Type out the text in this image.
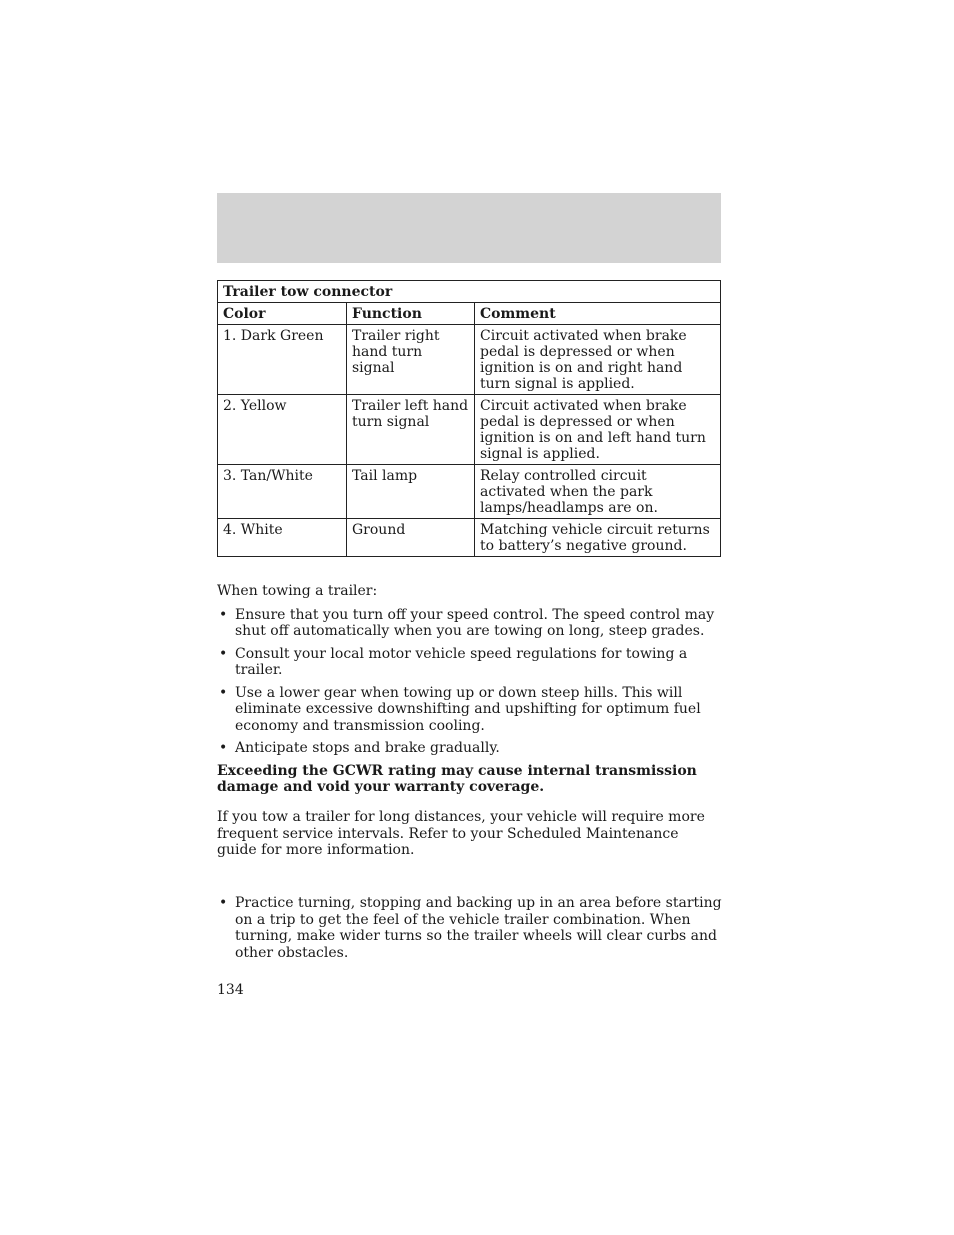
Trailer tow connector		
Color	Function	Comment
1. Dark Green	Trailer right hand turn signal	Circuit activated when brake pedal is depressed or when ignition is on and right hand turn signal is applied.
2. Yellow	Trailer left hand turn signal	Circuit activated when brake pedal is depressed or when ignition is on and left hand turn signal is applied.
3. Tan/White	Tail lamp	Relay controlled circuit activated when the park lamps/headlamps are on.
4. White	Ground	Matching vehicle circuit returns to battery’s negative ground.

When towing a trailer:

• Ensure that you turn off your speed control. The speed control may shut off automatically when you are towing on long, steep grades.
• Consult your local motor vehicle speed regulations for towing a trailer.
• Use a lower gear when towing up or down steep hills. This will eliminate excessive downshifting and upshifting for optimum fuel economy and transmission cooling.
• Anticipate stops and brake gradually.

Exceeding the GCWR rating may cause internal transmission damage and void your warranty coverage.

If you tow a trailer for long distances, your vehicle will require more frequent service intervals. Refer to your Scheduled Maintenance guide for more information.

• Practice turning, stopping and backing up in an area before starting on a trip to get the feel of the vehicle trailer combination. When turning, make wider turns so the trailer wheels will clear curbs and other obstacles.
134
